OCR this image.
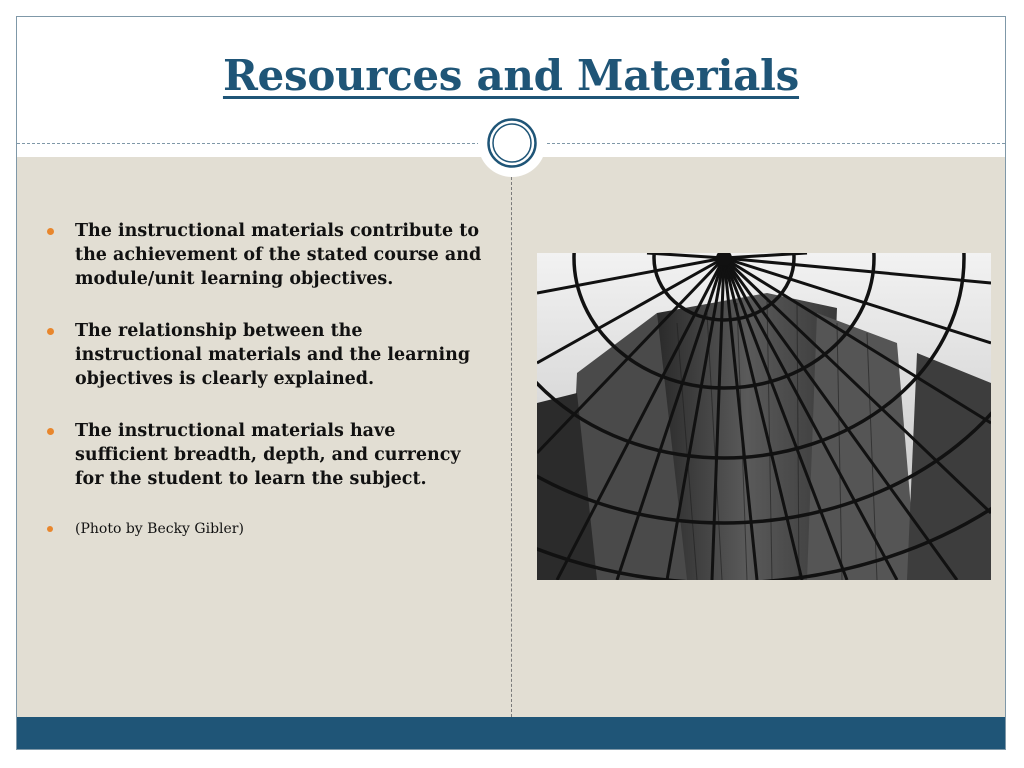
Resources and Materials
The instructional materials contribute to the achievement of the stated course and module/unit learning objectives.
The relationship between the instructional materials and the learning objectives is clearly explained.
The instructional materials have sufficient breadth, depth, and currency for the student to learn the subject.
(Photo by Becky Gibler)
